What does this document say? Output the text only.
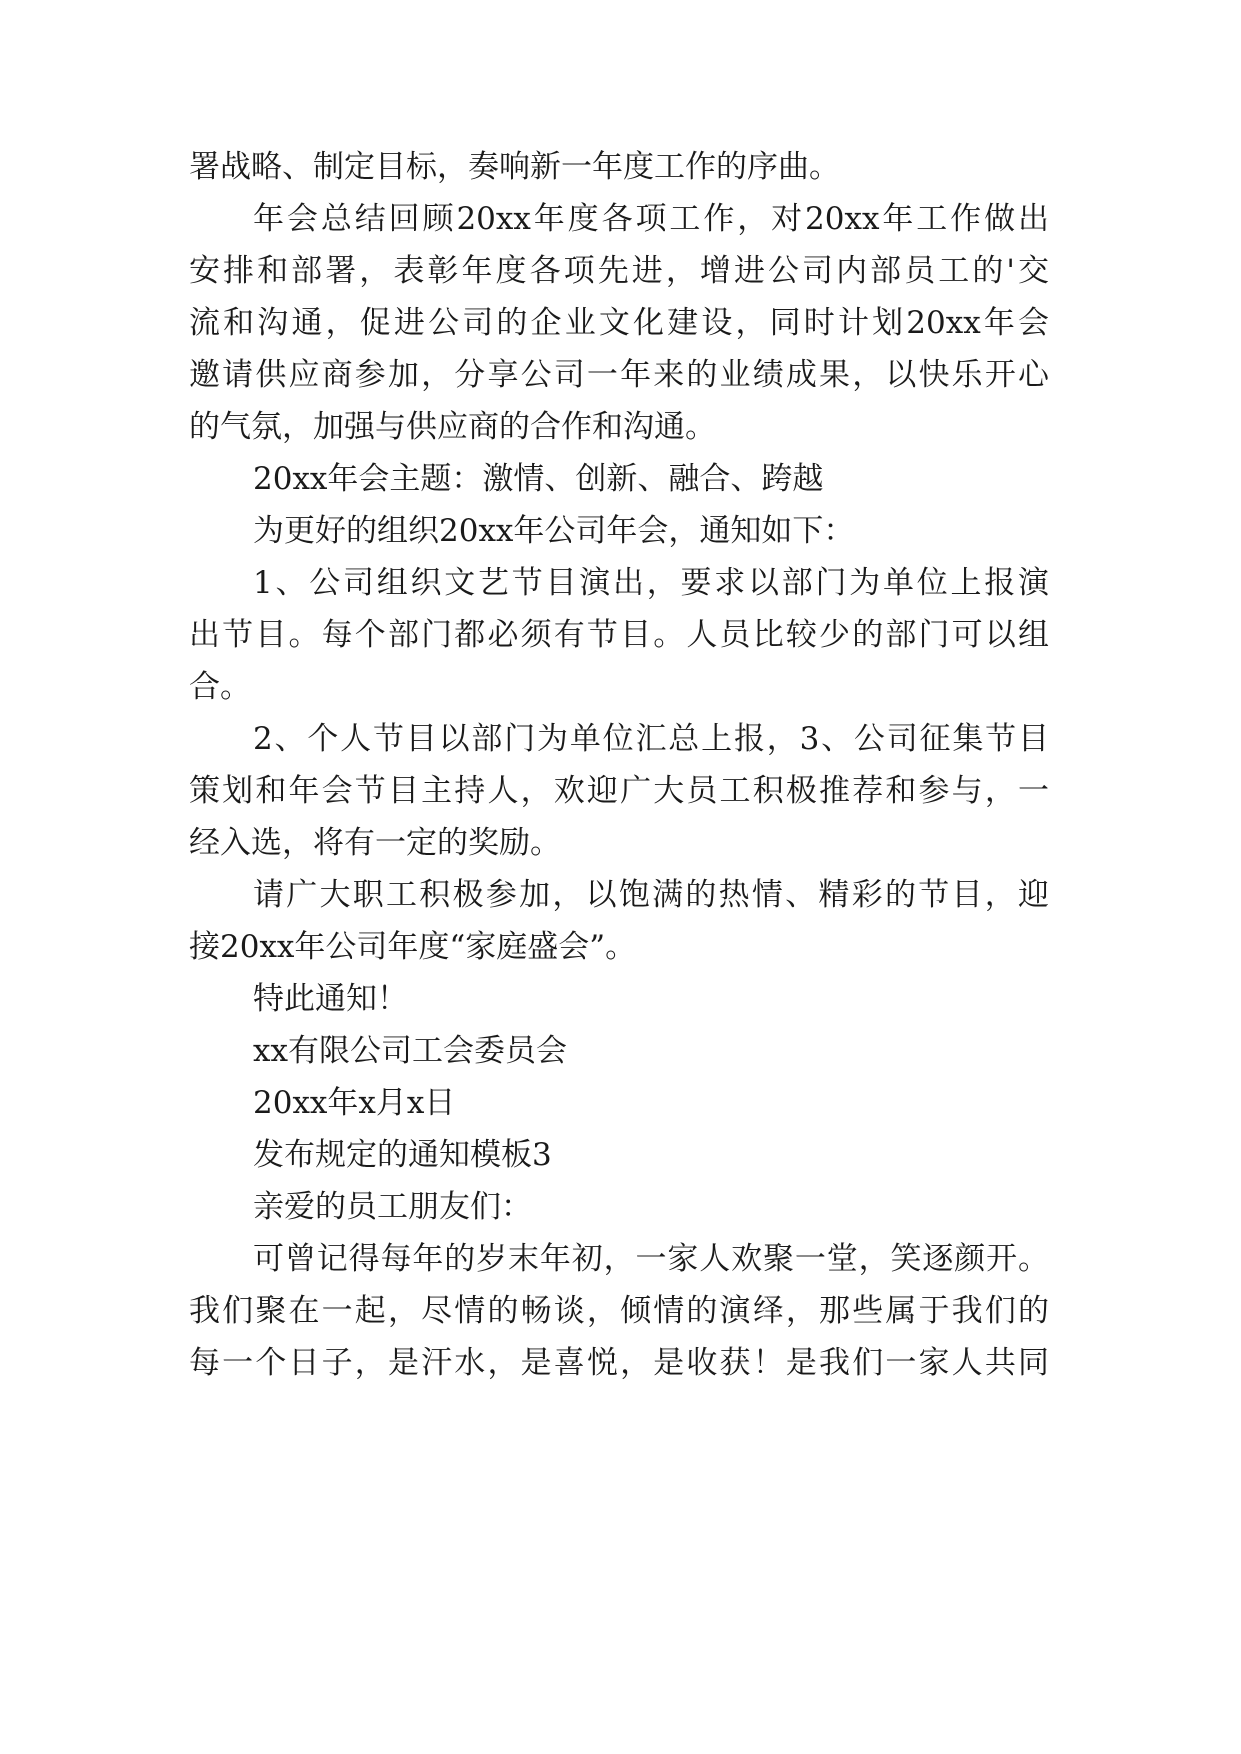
署战略、制定目标，奏响新一年度工作的序曲。
年会总结回顾20xx年度各项工作，对20xx年工作做出
安排和部署，表彰年度各项先进，增进公司内部员工的'交
流和沟通，促进公司的企业文化建设，同时计划20xx年会
邀请供应商参加，分享公司一年来的业绩成果，以快乐开心
的气氛，加强与供应商的合作和沟通。
20xx年会主题：激情、创新、融合、跨越
为更好的组织20xx年公司年会，通知如下：
1、公司组织文艺节目演出，要求以部门为单位上报演
出节目。每个部门都必须有节目。人员比较少的部门可以组
合。
2、个人节目以部门为单位汇总上报，3、公司征集节目
策划和年会节目主持人，欢迎广大员工积极推荐和参与，一
经入选，将有一定的奖励。
请广大职工积极参加，以饱满的热情、精彩的节目，迎
接20xx年公司年度“家庭盛会”。
特此通知！
xx有限公司工会委员会
20xx年x月x日
发布规定的通知模板3
亲爱的员工朋友们：
可曾记得每年的岁末年初，一家人欢聚一堂，笑逐颜开。
我们聚在一起，尽情的畅谈，倾情的演绎，那些属于我们的
每一个日子，是汗水，是喜悦，是收获！是我们一家人共同
